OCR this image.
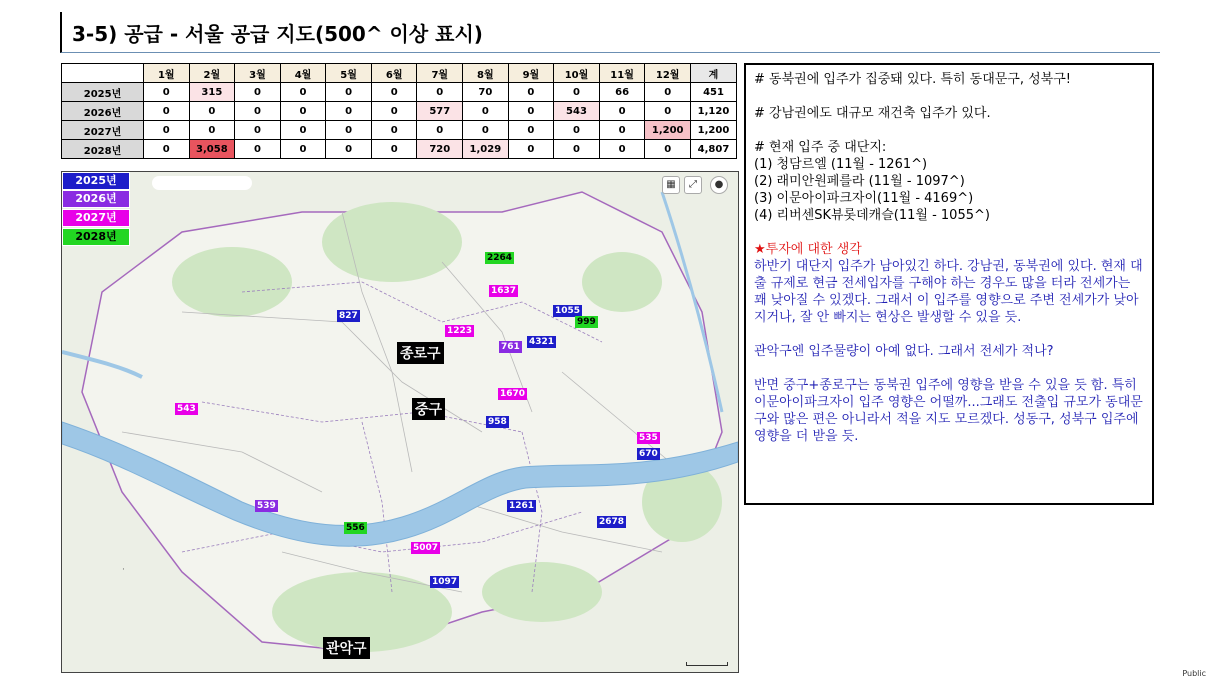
3-5) 공급 - 서울 공급 지도(500^ 이상 표시)
	1월	2월	3월	4월	5월	6월	7월	8월	9월	10월	11월	12월	계
2025년	0	315	0	0	0	0	0	70	0	0	66	0	451
2026년	0	0	0	0	0	0	577	0	0	543	0	0	1,120
2027년	0	0	0	0	0	0	0	0	0	0	0	1,200	1,200
2028년	0	3,058	0	0	0	0	720	1,029	0	0	0	0	4,807
·
▦	⤢	●
2025년
2026년
2027년
2028년
2264
1637
827
1223
1055
999
761 4321
1670
543
958
535
670
539	1261
2678
556
5007
1097
종로구
중구
관악구

# 동북권에 입주가 집중돼 있다. 특히 동대문구, 성북구!

# 강남권에도 대규모 재건축 입주가 있다.

# 현재 입주 중 대단지:

(1) 청담르엘 (11월 - 1261^)

(2) 래미안원페를라 (11월 - 1097^)

(3) 이문아이파크자이(11월 - 4169^)

(4) 리버센SK뷰롯데캐슬(11월 - 1055^)

★투자에 대한 생각

하반기 대단지 입주가 남아있긴 하다. 강남권, 동북권에 있다. 현재 대출 규제로 현금 전세입자를 구해야 하는 경우도 많을 터라 전세가는 꽤 낮아질 수 있겠다. 그래서 이 입주를 영향으로 주변 전세가가 낮아지거나, 잘 안 빠지는 현상은 발생할 수 있을 듯.

관악구엔 입주물량이 아예 없다. 그래서 전세가 적나?

반면 중구+종로구는 동북권 입주에 영향을 받을 수 있을 듯 함. 특히 이문아이파크자이 입주 영향은 어떨까...그래도 전출입 규모가 동대문구와 많은 편은 아니라서 적을 지도 모르겠다. 성동구, 성북구 입주에 영향을 더 받을 듯.

Public
